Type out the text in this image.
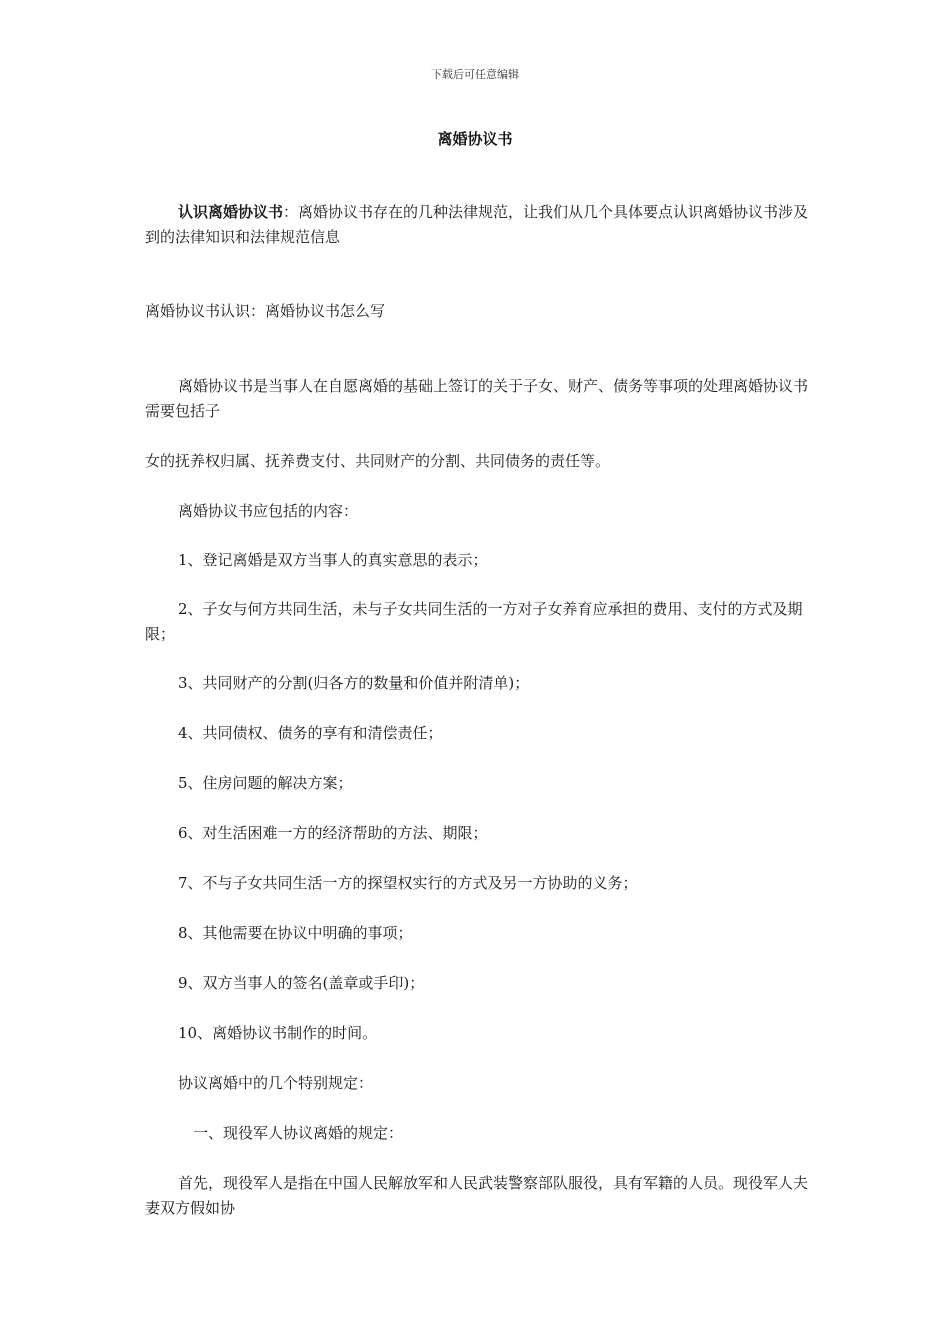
下载后可任意编辑
离婚协议书

认识离婚协议书：离婚协议书存在的几种法律规范，让我们从几个具体要点认识离婚协议书涉及到的法律知识和法律规范信息

离婚协议书认识：离婚协议书怎么写

离婚协议书是当事人在自愿离婚的基础上签订的关于子女、财产、债务等事项的处理离婚协议书需要包括子

女的抚养权归属、抚养费支付、共同财产的分割、共同债务的责任等。

离婚协议书应包括的内容：

1、登记离婚是双方当事人的真实意思的表示；

2、子女与何方共同生活，未与子女共同生活的一方对子女养育应承担的费用、支付的方式及期限；

3、共同财产的分割(归各方的数量和价值并附清单)；

4、共同债权、债务的享有和清偿责任；

5、住房问题的解决方案；

6、对生活困难一方的经济帮助的方法、期限；

7、不与子女共同生活一方的探望权实行的方式及另一方协助的义务；

8、其他需要在协议中明确的事项；

9、双方当事人的签名(盖章或手印)；

10、离婚协议书制作的时间。

协议离婚中的几个特别规定：

一、现役军人协议离婚的规定：

首先，现役军人是指在中国人民解放军和人民武装警察部队服役，具有军籍的人员。现役军人夫妻双方假如协
